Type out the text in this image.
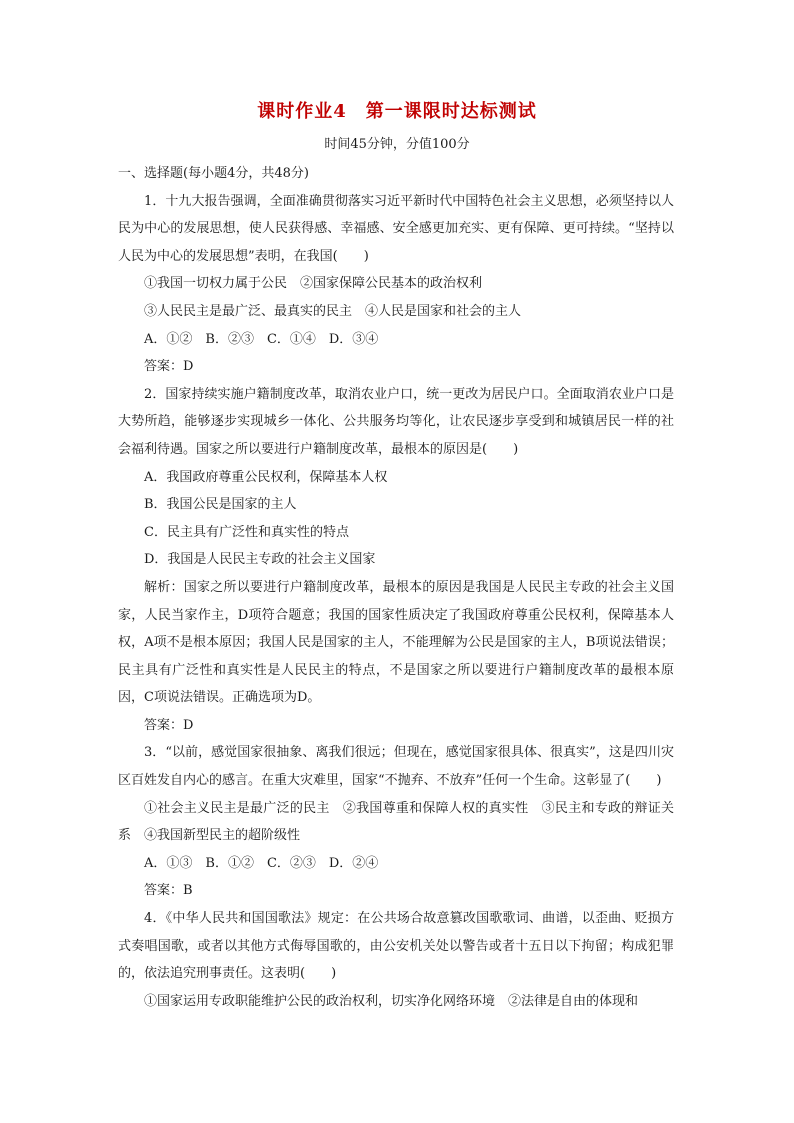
课时作业4　第一课限时达标测试
时间45分钟，分值100分

一、选择题(每小题4分，共48分)

1．十九大报告强调，全面准确贯彻落实习近平新时代中国特色社会主义思想，必须坚持以人民为中心的发展思想，使人民获得感、幸福感、安全感更加充实、更有保障、更可持续。“坚持以人民为中心的发展思想”表明，在我国(　　)

①我国一切权力属于公民　②国家保障公民基本的政治权利

③人民民主是最广泛、最真实的民主　④人民是国家和社会的主人

A．①②　B．②③　C．①④　D．③④

答案：D

2．国家持续实施户籍制度改革，取消农业户口，统一更改为居民户口。全面取消农业户口是大势所趋，能够逐步实现城乡一体化、公共服务均等化，让农民逐步享受到和城镇居民一样的社会福利待遇。国家之所以要进行户籍制度改革，最根本的原因是(　　)

A．我国政府尊重公民权利，保障基本人权

B．我国公民是国家的主人

C．民主具有广泛性和真实性的特点

D．我国是人民民主专政的社会主义国家

解析：国家之所以要进行户籍制度改革，最根本的原因是我国是人民民主专政的社会主义国家，人民当家作主，D项符合题意；我国的国家性质决定了我国政府尊重公民权利，保障基本人权，A项不是根本原因；我国人民是国家的主人，不能理解为公民是国家的主人，B项说法错误；民主具有广泛性和真实性是人民民主的特点，不是国家之所以要进行户籍制度改革的最根本原因，C项说法错误。正确选项为D。

答案：D

3．“以前，感觉国家很抽象、离我们很远；但现在，感觉国家很具体、很真实”，这是四川灾区百姓发自内心的感言。在重大灾难里，国家“不抛弃、不放弃”任何一个生命。这彰显了(　　)

①社会主义民主是最广泛的民主　②我国尊重和保障人权的真实性　③民主和专政的辩证关系　④我国新型民主的超阶级性

A．①③　B．①②　C．②③　D．②④

答案：B

4．《中华人民共和国国歌法》规定：在公共场合故意篡改国歌歌词、曲谱，以歪曲、贬损方式奏唱国歌，或者以其他方式侮辱国歌的，由公安机关处以警告或者十五日以下拘留；构成犯罪的，依法追究刑事责任。这表明(　　)

①国家运用专政职能维护公民的政治权利，切实净化网络环境　②法律是自由的体现和
